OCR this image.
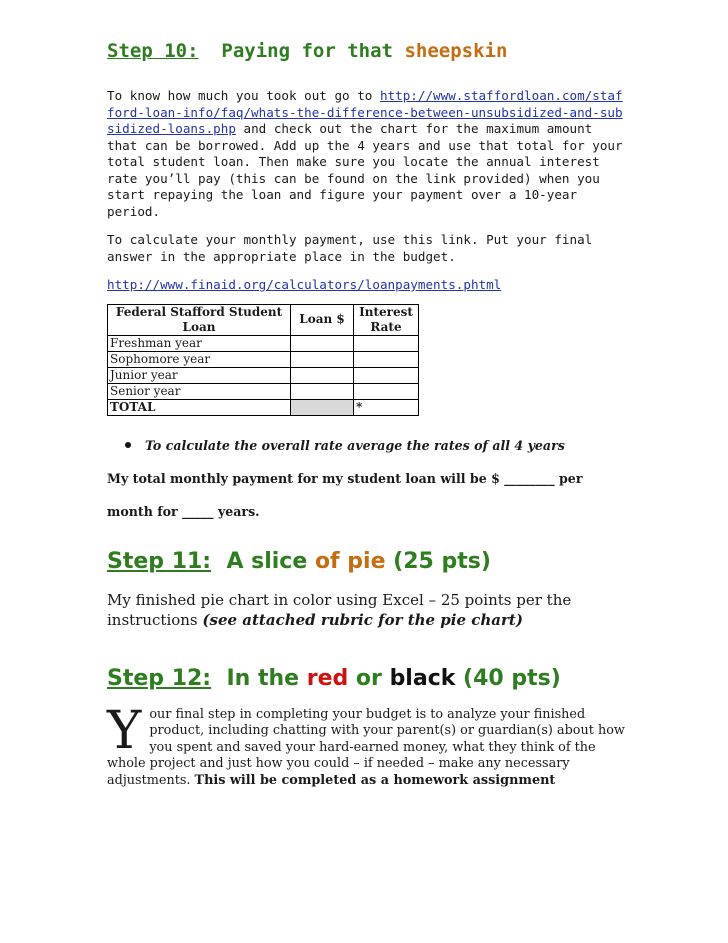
Step 10: Paying for that sheepskin

To know how much you took out go to http://www.staffordloan.com/stafford-loan-info/faq/whats-the-difference-between-unsubsidized-and-subsidized-loans.php and check out the chart for the maximum amount that can be borrowed. Add up the 4 years and use that total for your total student loan. Then make sure you locate the annual interest rate you’ll pay (this can be found on the link provided) when you start repaying the loan and figure your payment over a 10-year period.

To calculate your monthly payment, use this link. Put your final answer in the appropriate place in the budget.

http://www.finaid.org/calculators/loanpayments.phtml

Federal Stafford Student Loan	Loan $	Interest Rate
Freshman year		
Sophomore year		
Junior year		
Senior year		
TOTAL		*
To calculate the overall rate average the rates of all 4 years

My total monthly payment for my student loan will be $ ________ per

month for _____ years.

Step 11: A slice of pie (25 pts)

My finished pie chart in color using Excel – 25 points per the instructions (see attached rubric for the pie chart)

Step 12: In the red or black (40 pts)

Y our final step in completing your budget is to analyze your finished product, including chatting with your parent(s) or guardian(s) about how you spent and saved your hard-earned money, what they think of the whole project and just how you could – if needed – make any necessary adjustments. This will be completed as a homework assignment
